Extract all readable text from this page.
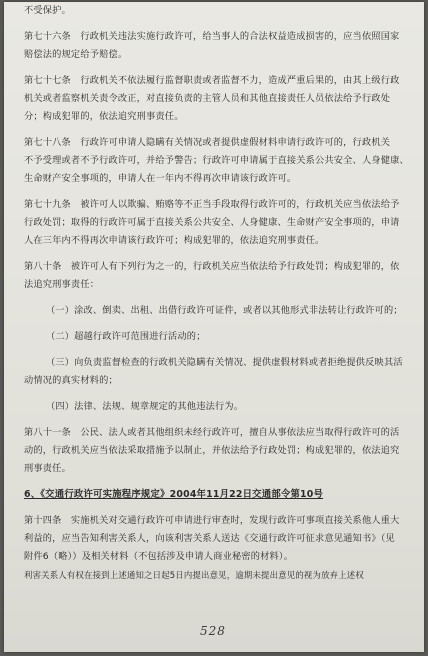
不受保护。
第七十六条　行政机关违法实施行政许可，给当事人的合法权益造成损害的，应当依照国家
赔偿法的规定给予赔偿。
第七十七条　行政机关不依法履行监督职责或者监督不力，造成严重后果的，由其上级行政
机关或者监察机关责令改正，对直接负责的主管人员和其他直接责任人员依法给予行政处
分；构成犯罪的，依法追究刑事责任。
第七十八条　行政许可申请人隐瞒有关情况或者提供虚假材料申请行政许可的，行政机关
不予受理或者不予行政许可，并给予警告；行政许可申请属于直接关系公共安全、人身健康、
生命财产安全事项的，申请人在一年内不得再次申请该行政许可。
第七十九条　被许可人以欺骗、贿赂等不正当手段取得行政许可的，行政机关应当依法给予
行政处罚；取得的行政许可属于直接关系公共安全、人身健康、生命财产安全事项的，申请
人在三年内不得再次申请该行政许可；构成犯罪的，依法追究刑事责任。
第八十条　被许可人有下列行为之一的，行政机关应当依法给予行政处罚；构成犯罪的，依
法追究刑事责任：
（一）涂改、倒卖、出租、出借行政许可证件，或者以其他形式非法转让行政许可的；
（二）超越行政许可范围进行活动的；
（三）向负责监督检查的行政机关隐瞒有关情况、提供虚假材料或者拒绝提供反映其活
动情况的真实材料的；
（四）法律、法规、规章规定的其他违法行为。
第八十一条　公民、法人或者其他组织未经行政许可，擅自从事依法应当取得行政许可的活
动的，行政机关应当依法采取措施予以制止，并依法给予行政处罚；构成犯罪的，依法追究
刑事责任。
6、《交通行政许可实施程序规定》2004年11月22日交通部令第10号
第十四条　实施机关对交通行政许可申请进行审查时，发现行政许可事项直接关系他人重大
利益的，应当告知利害关系人，向该利害关系人送达《交通行政许可征求意见通知书》（见
附件6（略））及相关材料（不包括涉及申请人商业秘密的材料）。
利害关系人有权在接到上述通知之日起5日内提出意见，逾期未提出意见的视为放弃上述权
528
